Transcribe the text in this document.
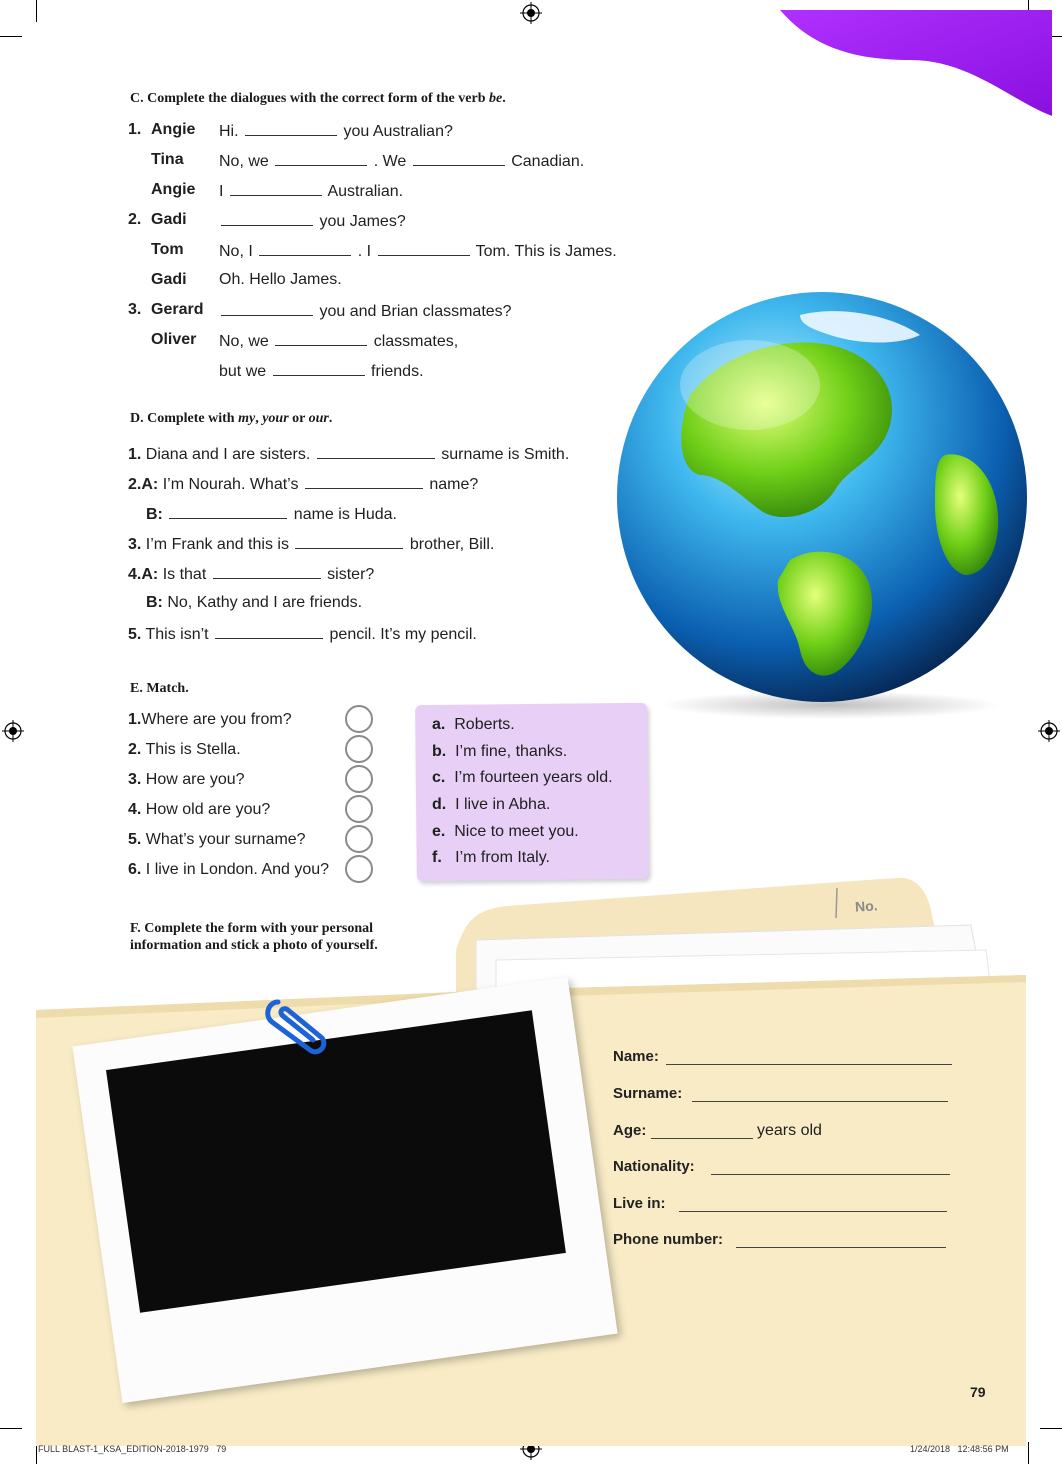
C. Complete the dialogues with the correct form of the verb be.
1. Angie Hi.	you Australian?
Tina No, we	. We	Canadian.
Angie I	Australian.
2. Gadi	you James?
Tom No, I	. I	Tom. This is James.
Gadi Oh. Hello James.
3. Gerard	you and Brian classmates?
Oliver No, we	classmates,
but we	friends.
D. Complete with my, your or our.
1. Diana and I are sisters.	surname is Smith.
2.A: I’m Nourah. What’s	name?
B:	name is Huda.
3. I’m Frank and this is	brother, Bill.
4.A: Is that	sister?
B: No, Kathy and I are friends.
5. This isn’t	pencil. It’s my pencil.
E. Match.
1.Where are you from?
2. This is Stella.
3. How are you?
4. How old are you?
5. What’s your surname?
6. I live in London. And you?
a. Roberts.
b. I’m fine, thanks.
c. I’m fourteen years old.
d. I live in Abha.
e. Nice to meet you.
f. I’m from Italy.
No.
F. Complete the form with your personal
information and stick a photo of yourself.
Name:
Surname:
Age:	years old
Nationality:
Live in:
Phone number:
79
FULL BLAST-1_KSA_EDITION-2018-1979   79	1/24/2018   12:48:56 PM
